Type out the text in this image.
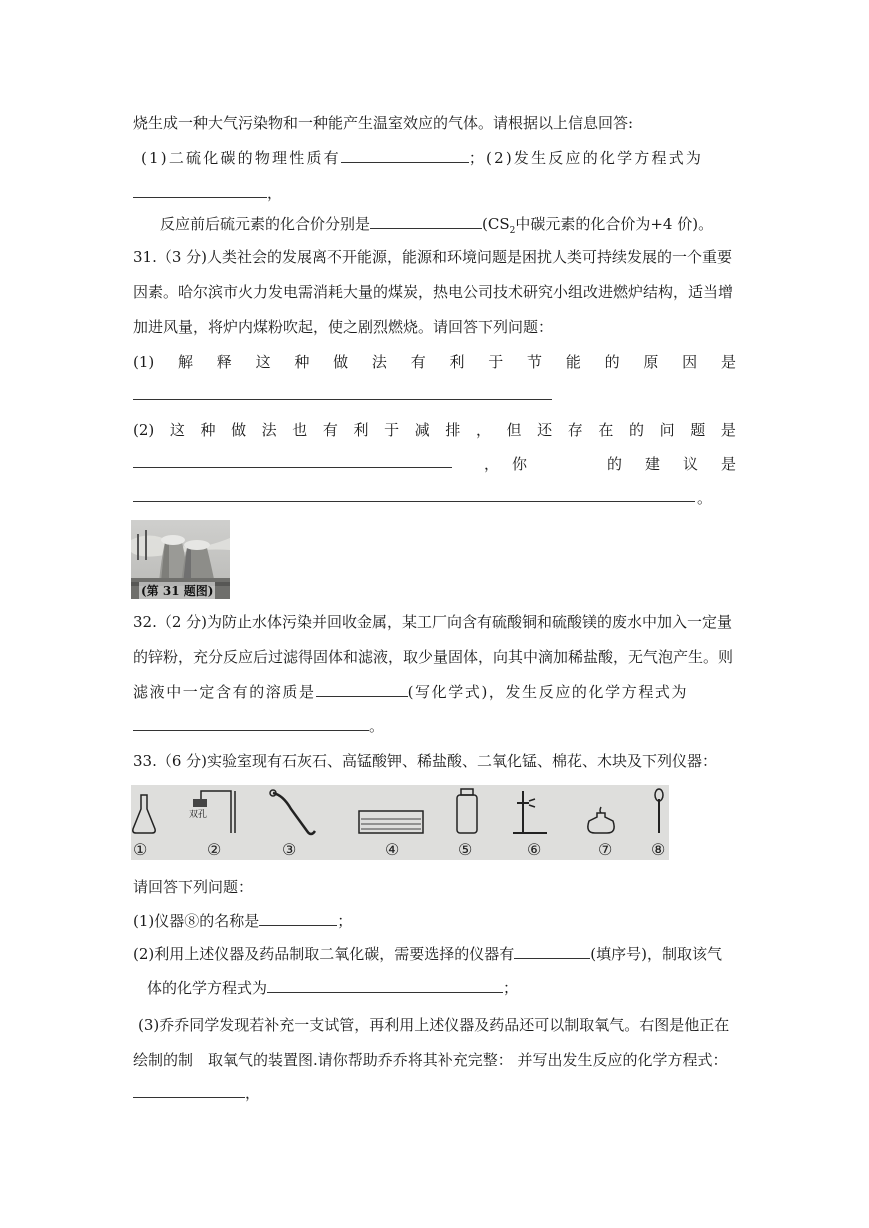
烧生成一种大气污染物和一种能产生温室效应的气体。请根据以上信息回答:
(1)二硫化碳的物理性质有	；(2)发生反应的化学方程式为
，
反应前后硫元素的化合价分别是	($CS_2$中碳元素的化合价为+4 价)。
31.（3 分)人类社会的发展离不开能源，能源和环境问题是困扰人类可持续发展的一个重要
因素。哈尔滨市火力发电需消耗大量的煤炭，热电公司技术研究小组改进燃炉结构，适当增
加进风量，将炉内煤粉吹起，使之剧烈燃烧。请回答下列问题：
(1) 解 释 这 种 做 法 有 利 于 节 能 的 原 因 是
(2) 这 种 做 法 也 有 利 于 减 排 ， 但 还 存 在 的 问 题 是
， 你	的 建 议 是
。
(第 31 题图)
32.（2 分)为防止水体污染并回收金属，某工厂向含有硫酸铜和硫酸镁的废水中加入一定量
的锌粉，充分反应后过滤得固体和滤液，取少量固体，向其中滴加稀盐酸，无气泡产生。则
滤液中一定含有的溶质是	(写化学式)，发生反应的化学方程式为
。
33.（6 分)实验室现有石灰石、高锰酸钾、稀盐酸、二氧化锰、棉花、木块及下列仪器：
双孔
①	②	③	④	⑤	⑥	⑦ ⑧
请回答下列问题：
(1)仪器⑧的名称是	；
(2)利用上述仪器及药品制取二氧化碳，需要选择的仪器有	(填序号)，制取该气
体的化学方程式为	；
(3)乔乔同学发现若补充一支试管，再利用上述仪器及药品还可以制取氧气。右图是他正在
绘制的制　取氧气的装置图.请你帮助乔乔将其补充完整： 并写出发生反应的化学方程式：
，
